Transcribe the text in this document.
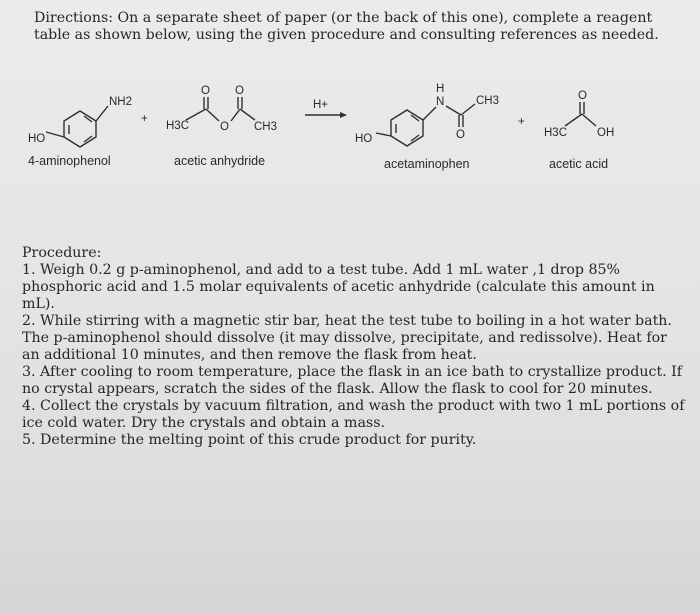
Directions: On a separate sheet of paper (or the back of this one), complete a reagent table as shown below, using the given procedure and consulting references as needed.
NH2
HO
4-aminophenol
+
O O
O
H3C	CH3
acetic anhydride
H+
H
N	CH3
O
HO
acetaminophen
+
O
H3C	OH
acetic acid

Procedure:

1. Weigh 0.2 g p-aminophenol, and add to a test tube. Add 1 mL water ,1 drop 85% phosphoric acid and 1.5 molar equivalents of acetic anhydride (calculate this amount in mL).

2. While stirring with a magnetic stir bar, heat the test tube to boiling in a hot water bath. The p-aminophenol should dissolve (it may dissolve, precipitate, and redissolve). Heat for an additional 10 minutes, and then remove the flask from heat.

3. After cooling to room temperature, place the flask in an ice bath to crystallize product. If no crystal appears, scratch the sides of the flask. Allow the flask to cool for 20 minutes.

4. Collect the crystals by vacuum filtration, and wash the product with two 1 mL portions of ice cold water. Dry the crystals and obtain a mass.

5. Determine the melting point of this crude product for purity.
